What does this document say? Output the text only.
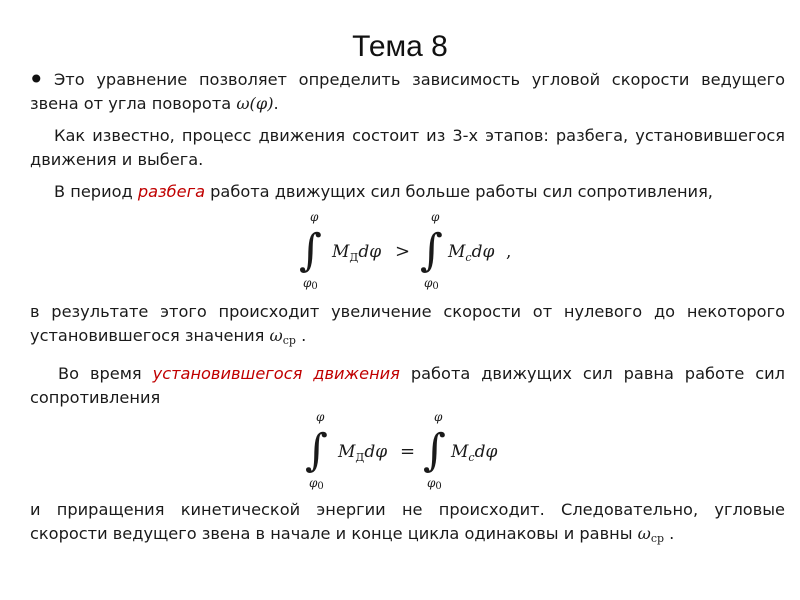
Тема 8
• Это уравнение позволяет определить зависимость угловой скорости ведущего звена от угла поворота ω(φ).
Как известно, процесс движения состоит из 3-х этапов: разбега, установившегося движения и выбега.
В период разбега работа движущих сил больше работы сил сопротивления,
∫
φ
φ0
$M_Дd\varphi$ > ∫
φ
φ0
$M_cd\varphi$ ,
в результате этого происходит увеличение скорости от нулевого до некоторого установившегося значения $\omega_{ср}$ .
Во время установившегося движения работа движущих сил равна работе сил сопротивления
∫
φ
φ0
$M_Дd\varphi$ = ∫
φ
φ0
$M_cd\varphi$
и приращения кинетической энергии не происходит. Следовательно, угловые скорости ведущего звена в начале и конце цикла одинаковы и равны $\omega_{ср}$ .
